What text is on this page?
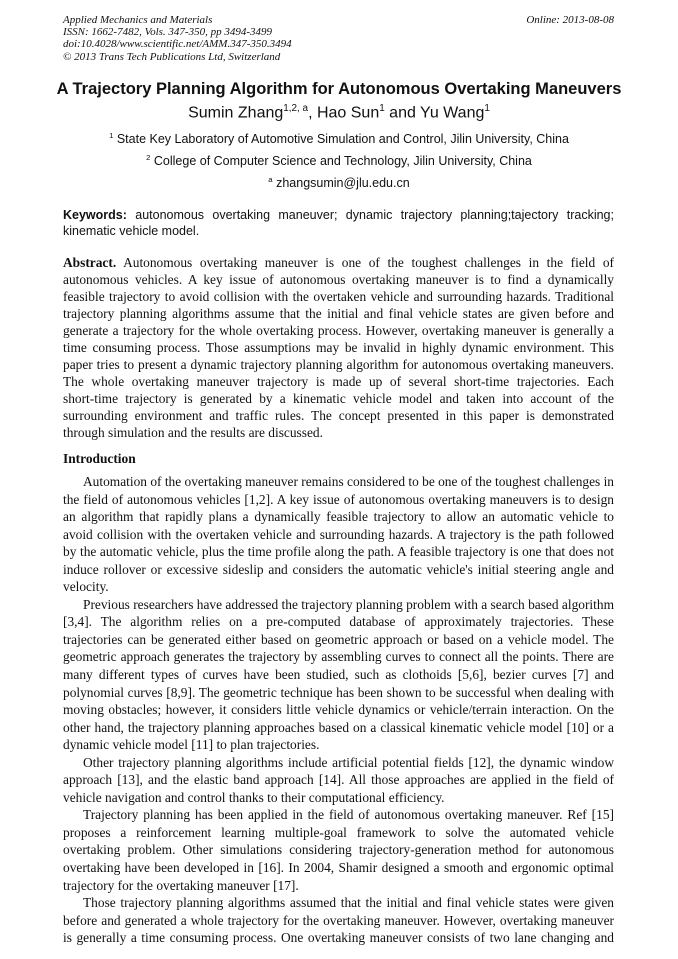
Applied Mechanics and Materials
ISSN: 1662-7482, Vols. 347-350, pp 3494-3499
doi:10.4028/www.scientific.net/AMM.347-350.3494
© 2013 Trans Tech Publications Ltd, Switzerland
Online: 2013-08-08
A Trajectory Planning Algorithm for Autonomous Overtaking Maneuvers
Sumin Zhang$^{1,2, a}$, Hao Sun$^1$ and Yu Wang$^1$
$^1$ State Key Laboratory of Automotive Simulation and Control, Jilin University, China
$^2$ College of Computer Science and Technology, Jilin University, China
$^a$ zhangsumin@jlu.edu.cn
Keywords: autonomous overtaking maneuver; dynamic trajectory planning;tajectory tracking;
kinematic vehicle model.
Abstract. Autonomous overtaking maneuver is one of the toughest challenges in the field of
autonomous vehicles. A key issue of autonomous overtaking maneuver is to find a dynamically
feasible trajectory to avoid collision with the overtaken vehicle and surrounding hazards. Traditional
trajectory planning algorithms assume that the initial and final vehicle states are given before and
generate a trajectory for the whole overtaking process. However, overtaking maneuver is generally a
time consuming process. Those assumptions may be invalid in highly dynamic environment. This
paper tries to present a dynamic trajectory planning algorithm for autonomous overtaking maneuvers.
The whole overtaking maneuver trajectory is made up of several short-time trajectories. Each
short-time trajectory is generated by a kinematic vehicle model and taken into account of the
surrounding environment and traffic rules. The concept presented in this paper is demonstrated
through simulation and the results are discussed.
Introduction
Automation of the overtaking maneuver remains considered to be one of the toughest challenges in
the field of autonomous vehicles [1,2]. A key issue of autonomous overtaking maneuvers is to design
an algorithm that rapidly plans a dynamically feasible trajectory to allow an automatic vehicle to
avoid collision with the overtaken vehicle and surrounding hazards. A trajectory is the path followed
by the automatic vehicle, plus the time profile along the path. A feasible trajectory is one that does not
induce rollover or excessive sideslip and considers the automatic vehicle's initial steering angle and
velocity.
Previous researchers have addressed the trajectory planning problem with a search based algorithm
[3,4]. The algorithm relies on a pre-computed database of approximately trajectories. These
trajectories can be generated either based on geometric approach or based on a vehicle model. The
geometric approach generates the trajectory by assembling curves to connect all the points. There are
many different types of curves have been studied, such as clothoids [5,6], bezier curves [7] and
polynomial curves [8,9]. The geometric technique has been shown to be successful when dealing with
moving obstacles; however, it considers little vehicle dynamics or vehicle/terrain interaction. On the
other hand, the trajectory planning approaches based on a classical kinematic vehicle model [10] or a
dynamic vehicle model [11] to plan trajectories.
Other trajectory planning algorithms include artificial potential fields [12], the dynamic window
approach [13], and the elastic band approach [14]. All those approaches are applied in the field of
vehicle navigation and control thanks to their computational efficiency.
Trajectory planning has been applied in the field of autonomous overtaking maneuver. Ref [15]
proposes a reinforcement learning multiple-goal framework to solve the automated vehicle
overtaking problem. Other simulations considering trajectory-generation method for autonomous
overtaking have been developed in [16]. In 2004, Shamir designed a smooth and ergonomic optimal
trajectory for the overtaking maneuver [17].
Those trajectory planning algorithms assumed that the initial and final vehicle states were given
before and generated a whole trajectory for the overtaking maneuver. However, overtaking maneuver
is generally a time consuming process. One overtaking maneuver consists of two lane changing and
